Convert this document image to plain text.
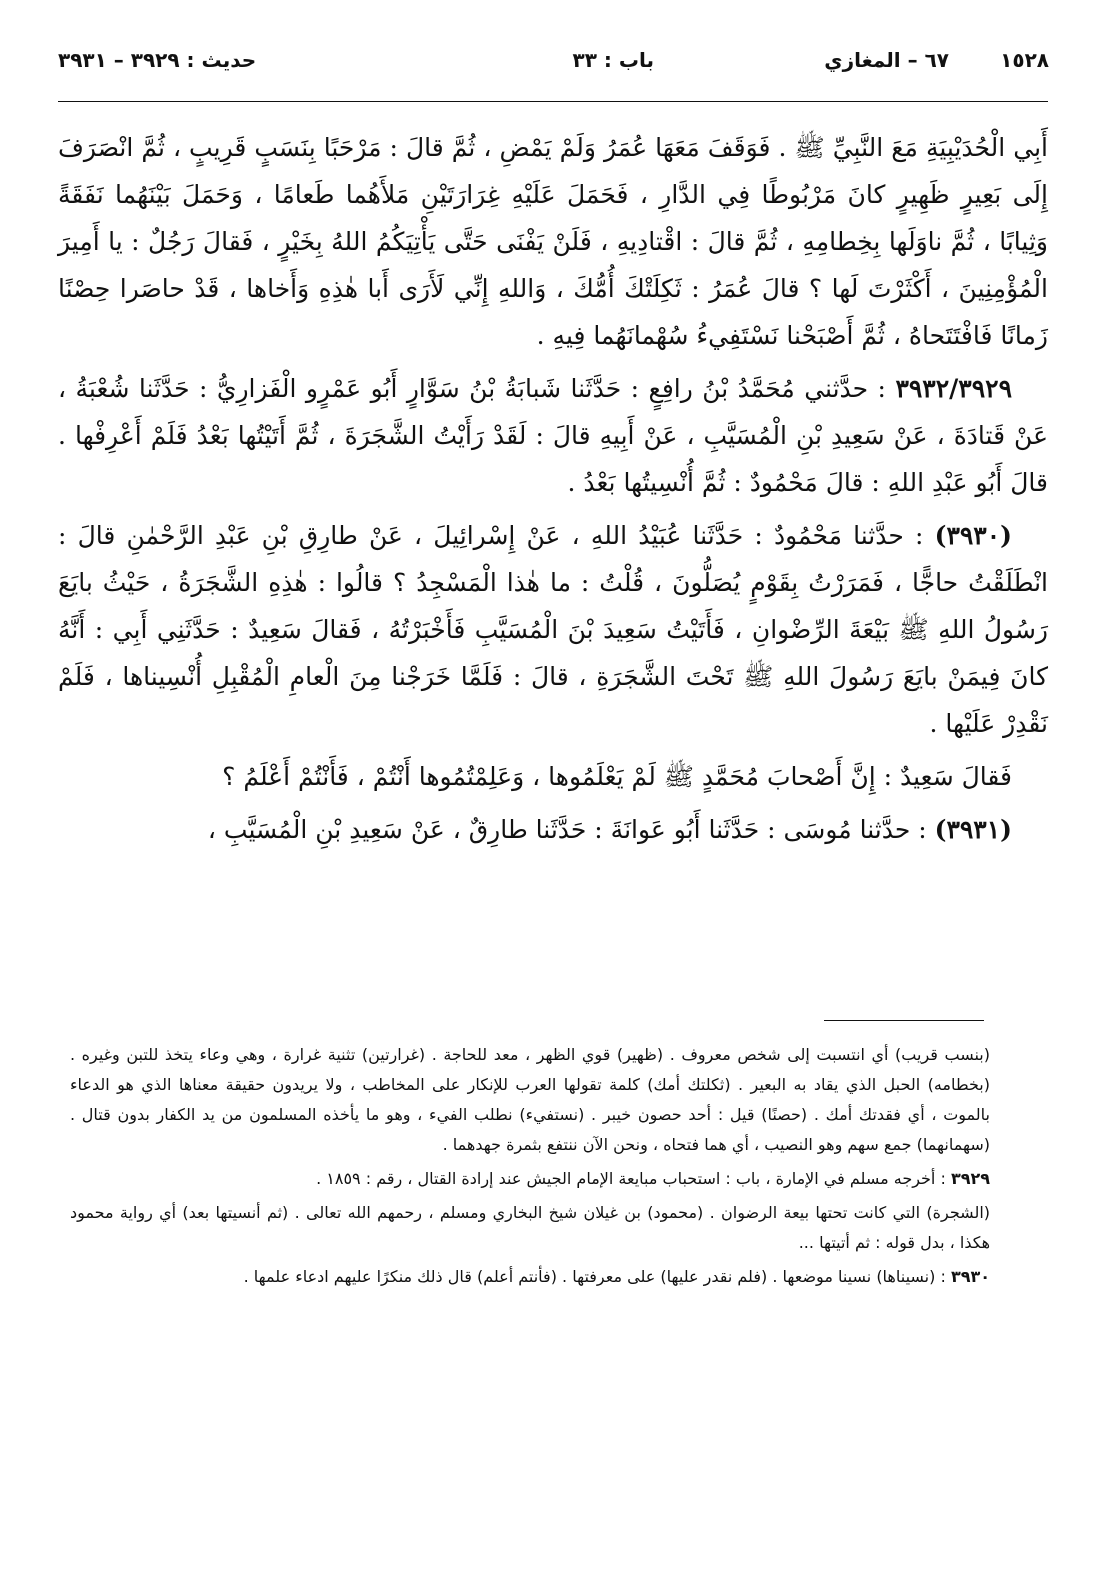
١٥٢٨
٦٧ – المغازي
باب : ٣٣
حديث : ٣٩٢٩ – ٣٩٣١

أَبِي الْحُدَيْبِيَةِ مَعَ النَّبِيِّ ﷺ . فَوَقَفَ مَعَهَا عُمَرُ وَلَمْ يَمْضِ ، ثُمَّ قالَ : مَرْحَبًا بِنَسَبٍ قَرِيبٍ ، ثُمَّ انْصَرَفَ إِلَى بَعِيرٍ ظَهِيرٍ كانَ مَرْبُوطًا فِي الدَّارِ ، فَحَمَلَ عَلَيْهِ غِرَارَتَيْنِ مَلأَهُما طَعامًا ، وَحَمَلَ بَيْنَهُما نَفَقَةً وَثِيابًا ، ثُمَّ ناوَلَها بِخِطامِهِ ، ثُمَّ قالَ : اقْتادِيهِ ، فَلَنْ يَفْنَى حَتَّى يَأْتِيَكُمُ اللهُ بِخَيْرٍ ، فَقالَ رَجُلٌ : يا أَمِيرَ الْمُؤْمِنِينَ ، أَكْثَرْتَ لَها ؟ قالَ عُمَرُ : ثَكِلَتْكَ أُمُّكَ ، وَاللهِ إِنِّي لَأَرَى أَبا هٰذِهِ وَأَخاها ، قَدْ حاصَرا حِصْنًا زَمانًا فَافْتَتَحاهُ ، ثُمَّ أَصْبَحْنا نَسْتَفِيءُ سُهْمانَهُما فِيهِ .

٣٩٣٢/٣٩٢٩ : حدَّثني مُحَمَّدُ بْنُ رافِعٍ : حَدَّثَنا شَبابَةُ بْنُ سَوَّارٍ أَبُو عَمْرٍو الْفَزارِيُّ : حَدَّثَنا شُعْبَةُ ، عَنْ قَتادَةَ ، عَنْ سَعِيدِ بْنِ الْمُسَيَّبِ ، عَنْ أَبِيهِ قالَ : لَقَدْ رَأَيْتُ الشَّجَرَةَ ، ثُمَّ أَتَيْتُها بَعْدُ فَلَمْ أَعْرِفْها . قالَ أَبُو عَبْدِ اللهِ : قالَ مَحْمُودٌ : ثُمَّ أُنْسِيتُها بَعْدُ .

(٣٩٣٠) : حدَّثنا مَحْمُودٌ : حَدَّثَنا عُبَيْدُ اللهِ ، عَنْ إِسْرائِيلَ ، عَنْ طارِقِ بْنِ عَبْدِ الرَّحْمٰنِ قالَ : انْطَلَقْتُ حاجًّا ، فَمَرَرْتُ بِقَوْمٍ يُصَلُّونَ ، قُلْتُ : ما هٰذا الْمَسْجِدُ ؟ قالُوا : هٰذِهِ الشَّجَرَةُ ، حَيْثُ بايَعَ رَسُولُ اللهِ ﷺ بَيْعَةَ الرِّضْوانِ ، فَأَتَيْتُ سَعِيدَ بْنَ الْمُسَيَّبِ فَأَخْبَرْتُهُ ، فَقالَ سَعِيدٌ : حَدَّثَنِي أَبِي : أَنَّهُ كانَ فِيمَنْ بايَعَ رَسُولَ اللهِ ﷺ تَحْتَ الشَّجَرَةِ ، قالَ : فَلَمَّا خَرَجْنا مِنَ الْعامِ الْمُقْبِلِ أُنْسِيناها ، فَلَمْ نَقْدِرْ عَلَيْها .

فَقالَ سَعِيدٌ : إِنَّ أَصْحابَ مُحَمَّدٍ ﷺ لَمْ يَعْلَمُوها ، وَعَلِمْتُمُوها أَنْتُمْ ، فَأَنْتُمْ أَعْلَمُ ؟

(٣٩٣١) : حدَّثنا مُوسَى : حَدَّثَنا أَبُو عَوانَةَ : حَدَّثَنا طارِقٌ ، عَنْ سَعِيدِ بْنِ الْمُسَيَّبِ ،

(بنسب قريب) أي انتسبت إلى شخص معروف . (ظهير) قوي الظهر ، معد للحاجة . (غرارتين) تثنية غرارة ، وهي وعاء يتخذ للتبن وغيره . (بخطامه) الحبل الذي يقاد به البعير . (ثكلتك أمك) كلمة تقولها العرب للإنكار على المخاطب ، ولا يريدون حقيقة معناها الذي هو الدعاء بالموت ، أي فقدتك أمك . (حصنًا) قيل : أحد حصون خيبر . (نستفيء) نطلب الفيء ، وهو ما يأخذه المسلمون من يد الكفار بدون قتال . (سهمانهما) جمع سهم وهو النصيب ، أي هما فتحاه ، ونحن الآن ننتفع بثمرة جهدهما .

٣٩٢٩ : أخرجه مسلم في الإمارة ، باب : استحباب مبايعة الإمام الجيش عند إرادة القتال ، رقم : ١٨٥٩ .

(الشجرة) التي كانت تحتها بيعة الرضوان . (محمود) بن غيلان شيخ البخاري ومسلم ، رحمهم الله تعالى . (ثم أنسيتها بعد) أي رواية محمود هكذا ، بدل قوله : ثم أتيتها ...

٣٩٣٠ : (نسيناها) نسينا موضعها . (فلم نقدر عليها) على معرفتها . (فأنتم أعلم) قال ذلك منكرًا عليهم ادعاء علمها .
